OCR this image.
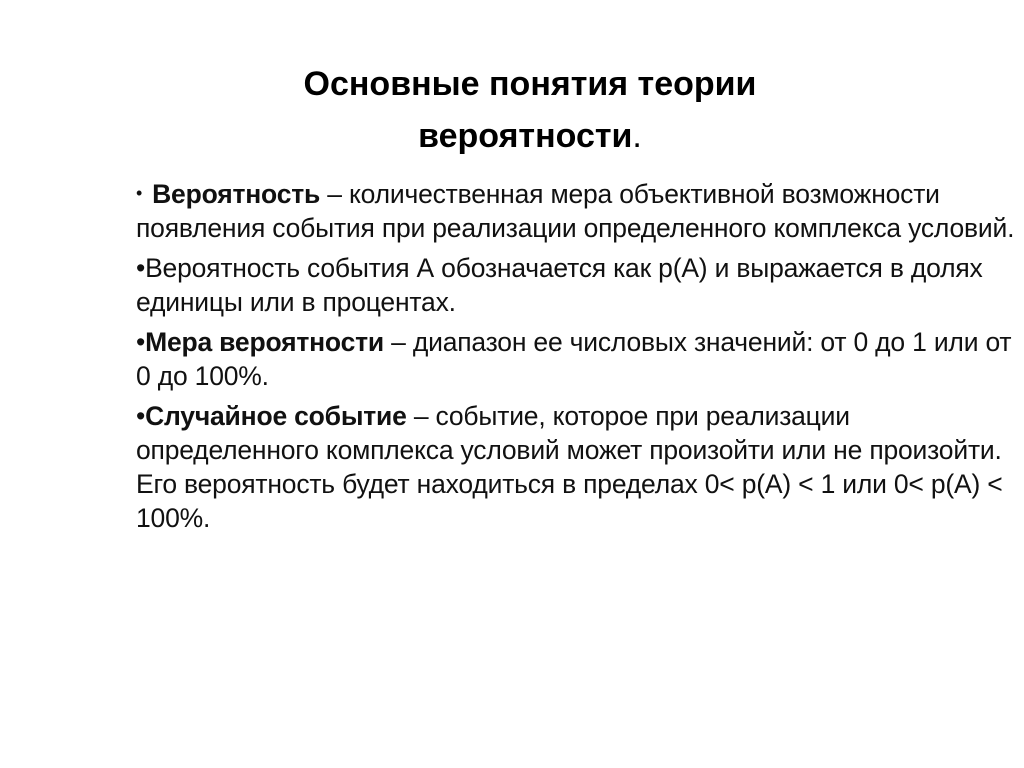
Основные понятия теории
вероятности.
• Вероятность – количественная мера объективной возможности появления события при реализации определенного комплекса условий.
•Вероятность события А обозначается как р(А) и выражается в долях единицы или в процентах.
•Мера вероятности – диапазон ее числовых значений: от 0 до 1 или от 0 до 100%.
•Случайное событие – событие, которое при реализации определенного комплекса условий может произойти или не произойти. Его вероятность будет находиться в пределах 0< р(А) < 1 или 0< р(А) < 100%.
